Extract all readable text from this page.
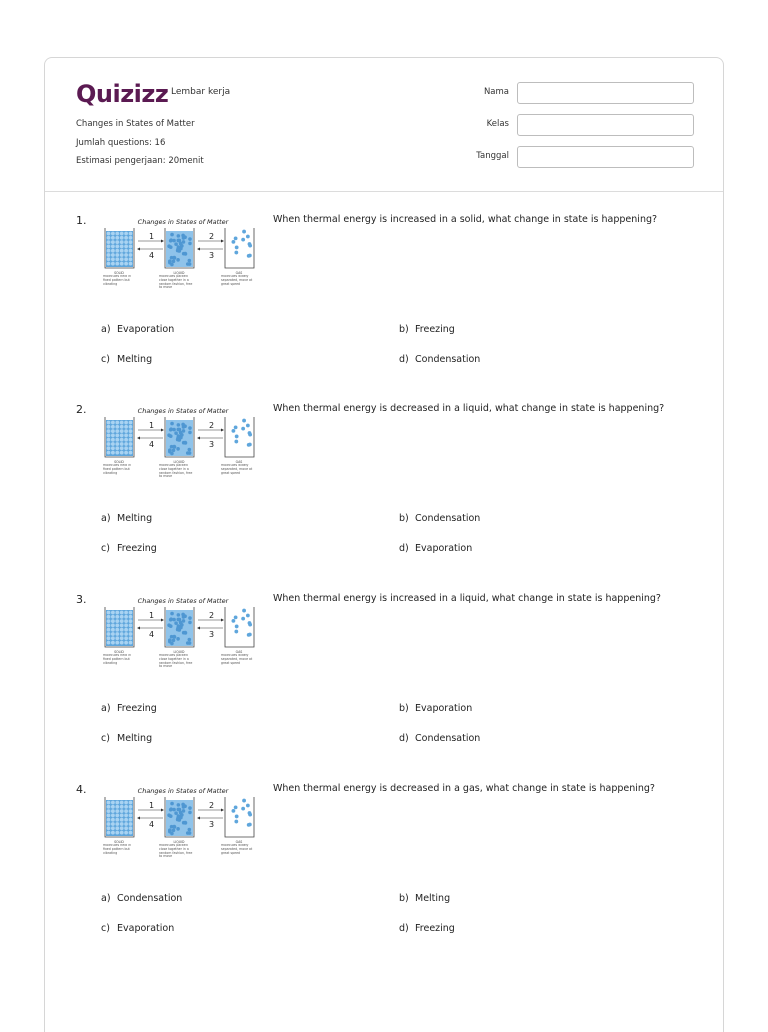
Quizizz Lembar kerja
Changes in States of Matter
Jumlah questions: 16
Estimasi pengerjaan: 20menit
Nama
Kelas
Tanggal
1.	Changes in States of Matter
1
4
2
3
SOLID	LIQUID	GAS
molecules held in fixed pattern but vibrating
molecules packed close together in a random fashion, free to move
molecules widely separated, move at great speed
When thermal energy is increased in a solid, what change in state is happening?
a) Evaporation	b) Freezing
c) Melting	d) Condensation
2.	Changes in States of Matter
1
4
2
3
SOLID	LIQUID	GAS
molecules held in fixed pattern but vibrating
molecules packed close together in a random fashion, free to move
molecules widely separated, move at great speed
When thermal energy is decreased in a liquid, what change in state is happening?
a) Melting	b) Condensation
c) Freezing	d) Evaporation
3.	Changes in States of Matter
1
4
2
3
SOLID	LIQUID	GAS
molecules held in fixed pattern but vibrating
molecules packed close together in a random fashion, free to move
molecules widely separated, move at great speed
When thermal energy is increased in a liquid, what change in state is happening?
a) Freezing	b) Evaporation
c) Melting	d) Condensation
4.	Changes in States of Matter
1
4
2
3
SOLID	LIQUID	GAS
molecules held in fixed pattern but vibrating
molecules packed close together in a random fashion, free to move
molecules widely separated, move at great speed
When thermal energy is decreased in a gas, what change in state is happening?
a) Condensation	b) Melting
c) Evaporation	d) Freezing
